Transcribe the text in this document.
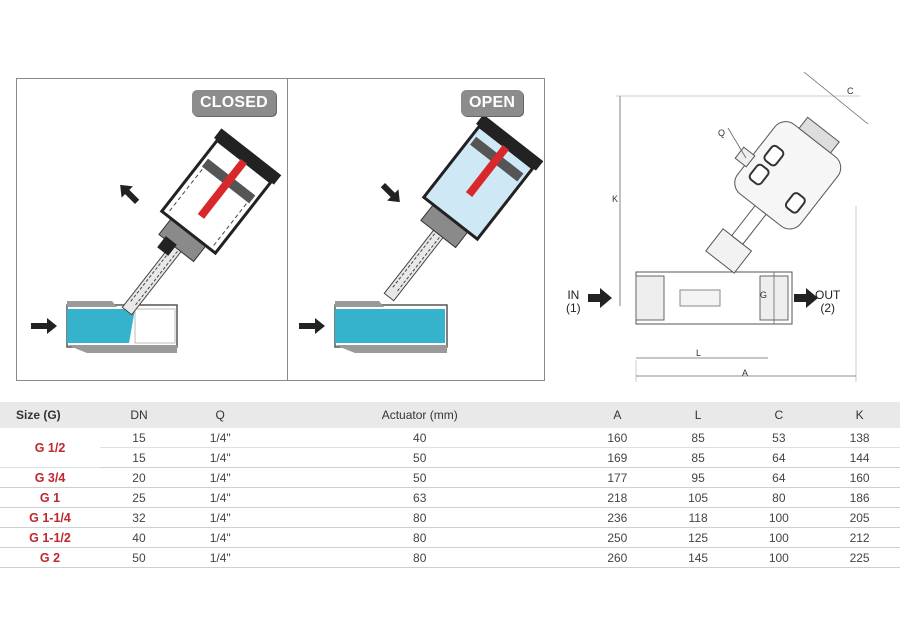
CLOSED	OPEN
C
Q
K
G
L
A
IN
(1)
OUT
(2)
Size (G)	DN	Q	Actuator (mm)	A	L	C	K
G 1/2	15	1/4"	40	160	85	53	138
	15	1/4"	50	169	85	64	144
G 3/4	20	1/4"	50	177	95	64	160
G 1	25	1/4"	63	218	105	80	186
G 1-1/4	32	1/4"	80	236	118	100	205
G 1-1/2	40	1/4"	80	250	125	100	212
G 2	50	1/4"	80	260	145	100	225
